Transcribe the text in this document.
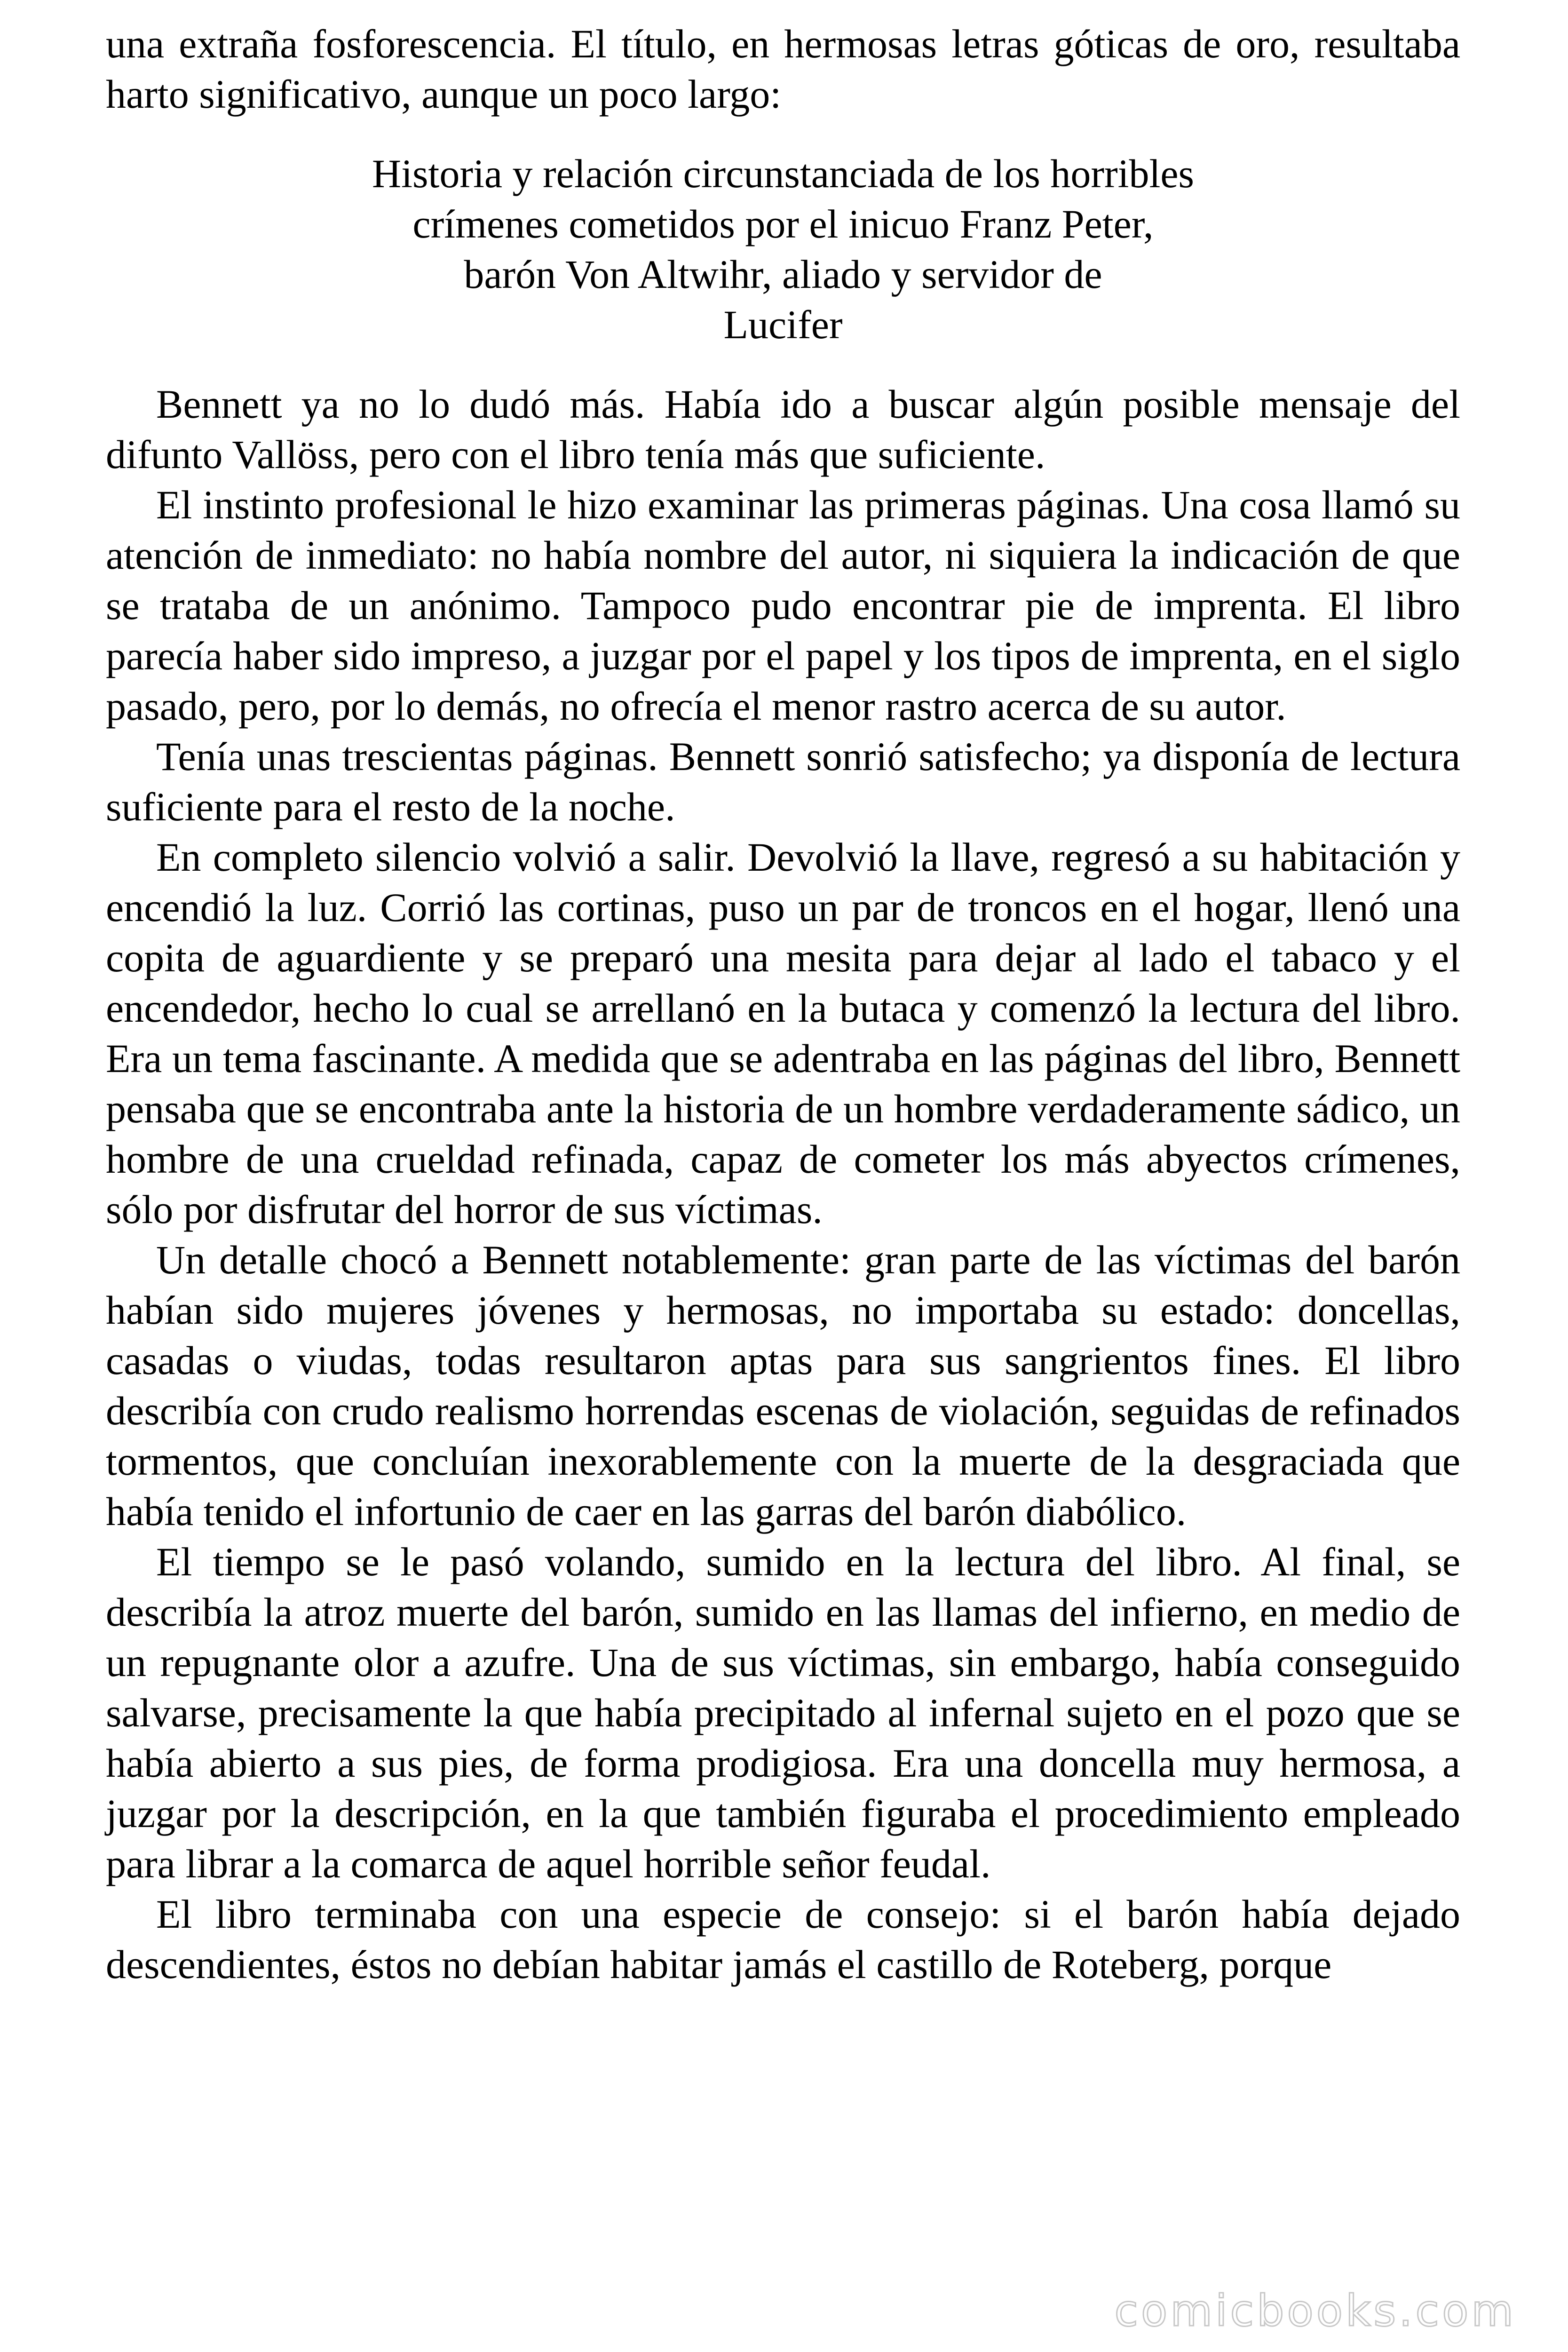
una extraña fosforescencia. El título, en hermosas letras góticas de oro, resultaba harto significativo, aunque un poco largo:

Historia y relación circunstanciada de los horribles
crímenes cometidos por el inicuo Franz Peter,
barón Von Altwihr, aliado y servidor de
Lucifer

Bennett ya no lo dudó más. Había ido a buscar algún posible mensaje del difunto Vallöss, pero con el libro tenía más que suficiente.

El instinto profesional le hizo examinar las primeras páginas. Una cosa llamó su atención de inmediato: no había nombre del autor, ni siquiera la indicación de que se trataba de un anónimo. Tampoco pudo encontrar pie de imprenta. El libro parecía haber sido impreso, a juzgar por el papel y los tipos de imprenta, en el siglo pasado, pero, por lo demás, no ofrecía el menor rastro acerca de su autor.

Tenía unas trescientas páginas. Bennett sonrió satisfecho; ya disponía de lectura suficiente para el resto de la noche.

En completo silencio volvió a salir. Devolvió la llave, regresó a su habitación y encendió la luz. Corrió las cortinas, puso un par de troncos en el hogar, llenó una copita de aguardiente y se preparó una mesita para dejar al lado el tabaco y el encendedor, hecho lo cual se arrellanó en la butaca y comenzó la lectura del libro. Era un tema fascinante. A medida que se adentraba en las páginas del libro, Bennett pensaba que se encontraba ante la historia de un hombre verdaderamente sádico, un hombre de una crueldad refinada, capaz de cometer los más abyectos crímenes, sólo por disfrutar del horror de sus víctimas.

Un detalle chocó a Bennett notablemente: gran parte de las víctimas del barón habían sido mujeres jóvenes y hermosas, no importaba su estado: doncellas, casadas o viudas, todas resultaron aptas para sus sangrientos fines. El libro describía con crudo realismo horrendas escenas de violación, seguidas de refinados tormentos, que concluían inexorablemente con la muerte de la desgraciada que había tenido el infortunio de caer en las garras del barón diabólico.

El tiempo se le pasó volando, sumido en la lectura del libro. Al final, se describía la atroz muerte del barón, sumido en las llamas del infierno, en medio de un repugnante olor a azufre. Una de sus víctimas, sin embargo, había conseguido salvarse, precisamente la que había precipitado al infernal sujeto en el pozo que se había abierto a sus pies, de forma prodigiosa. Era una doncella muy hermosa, a juzgar por la descripción, en la que también figuraba el procedimiento empleado para librar a la comarca de aquel horrible señor feudal.

El libro terminaba con una especie de consejo: si el barón había dejado descendientes, éstos no debían habitar jamás el castillo de Roteberg, porque

comicbooks.com
